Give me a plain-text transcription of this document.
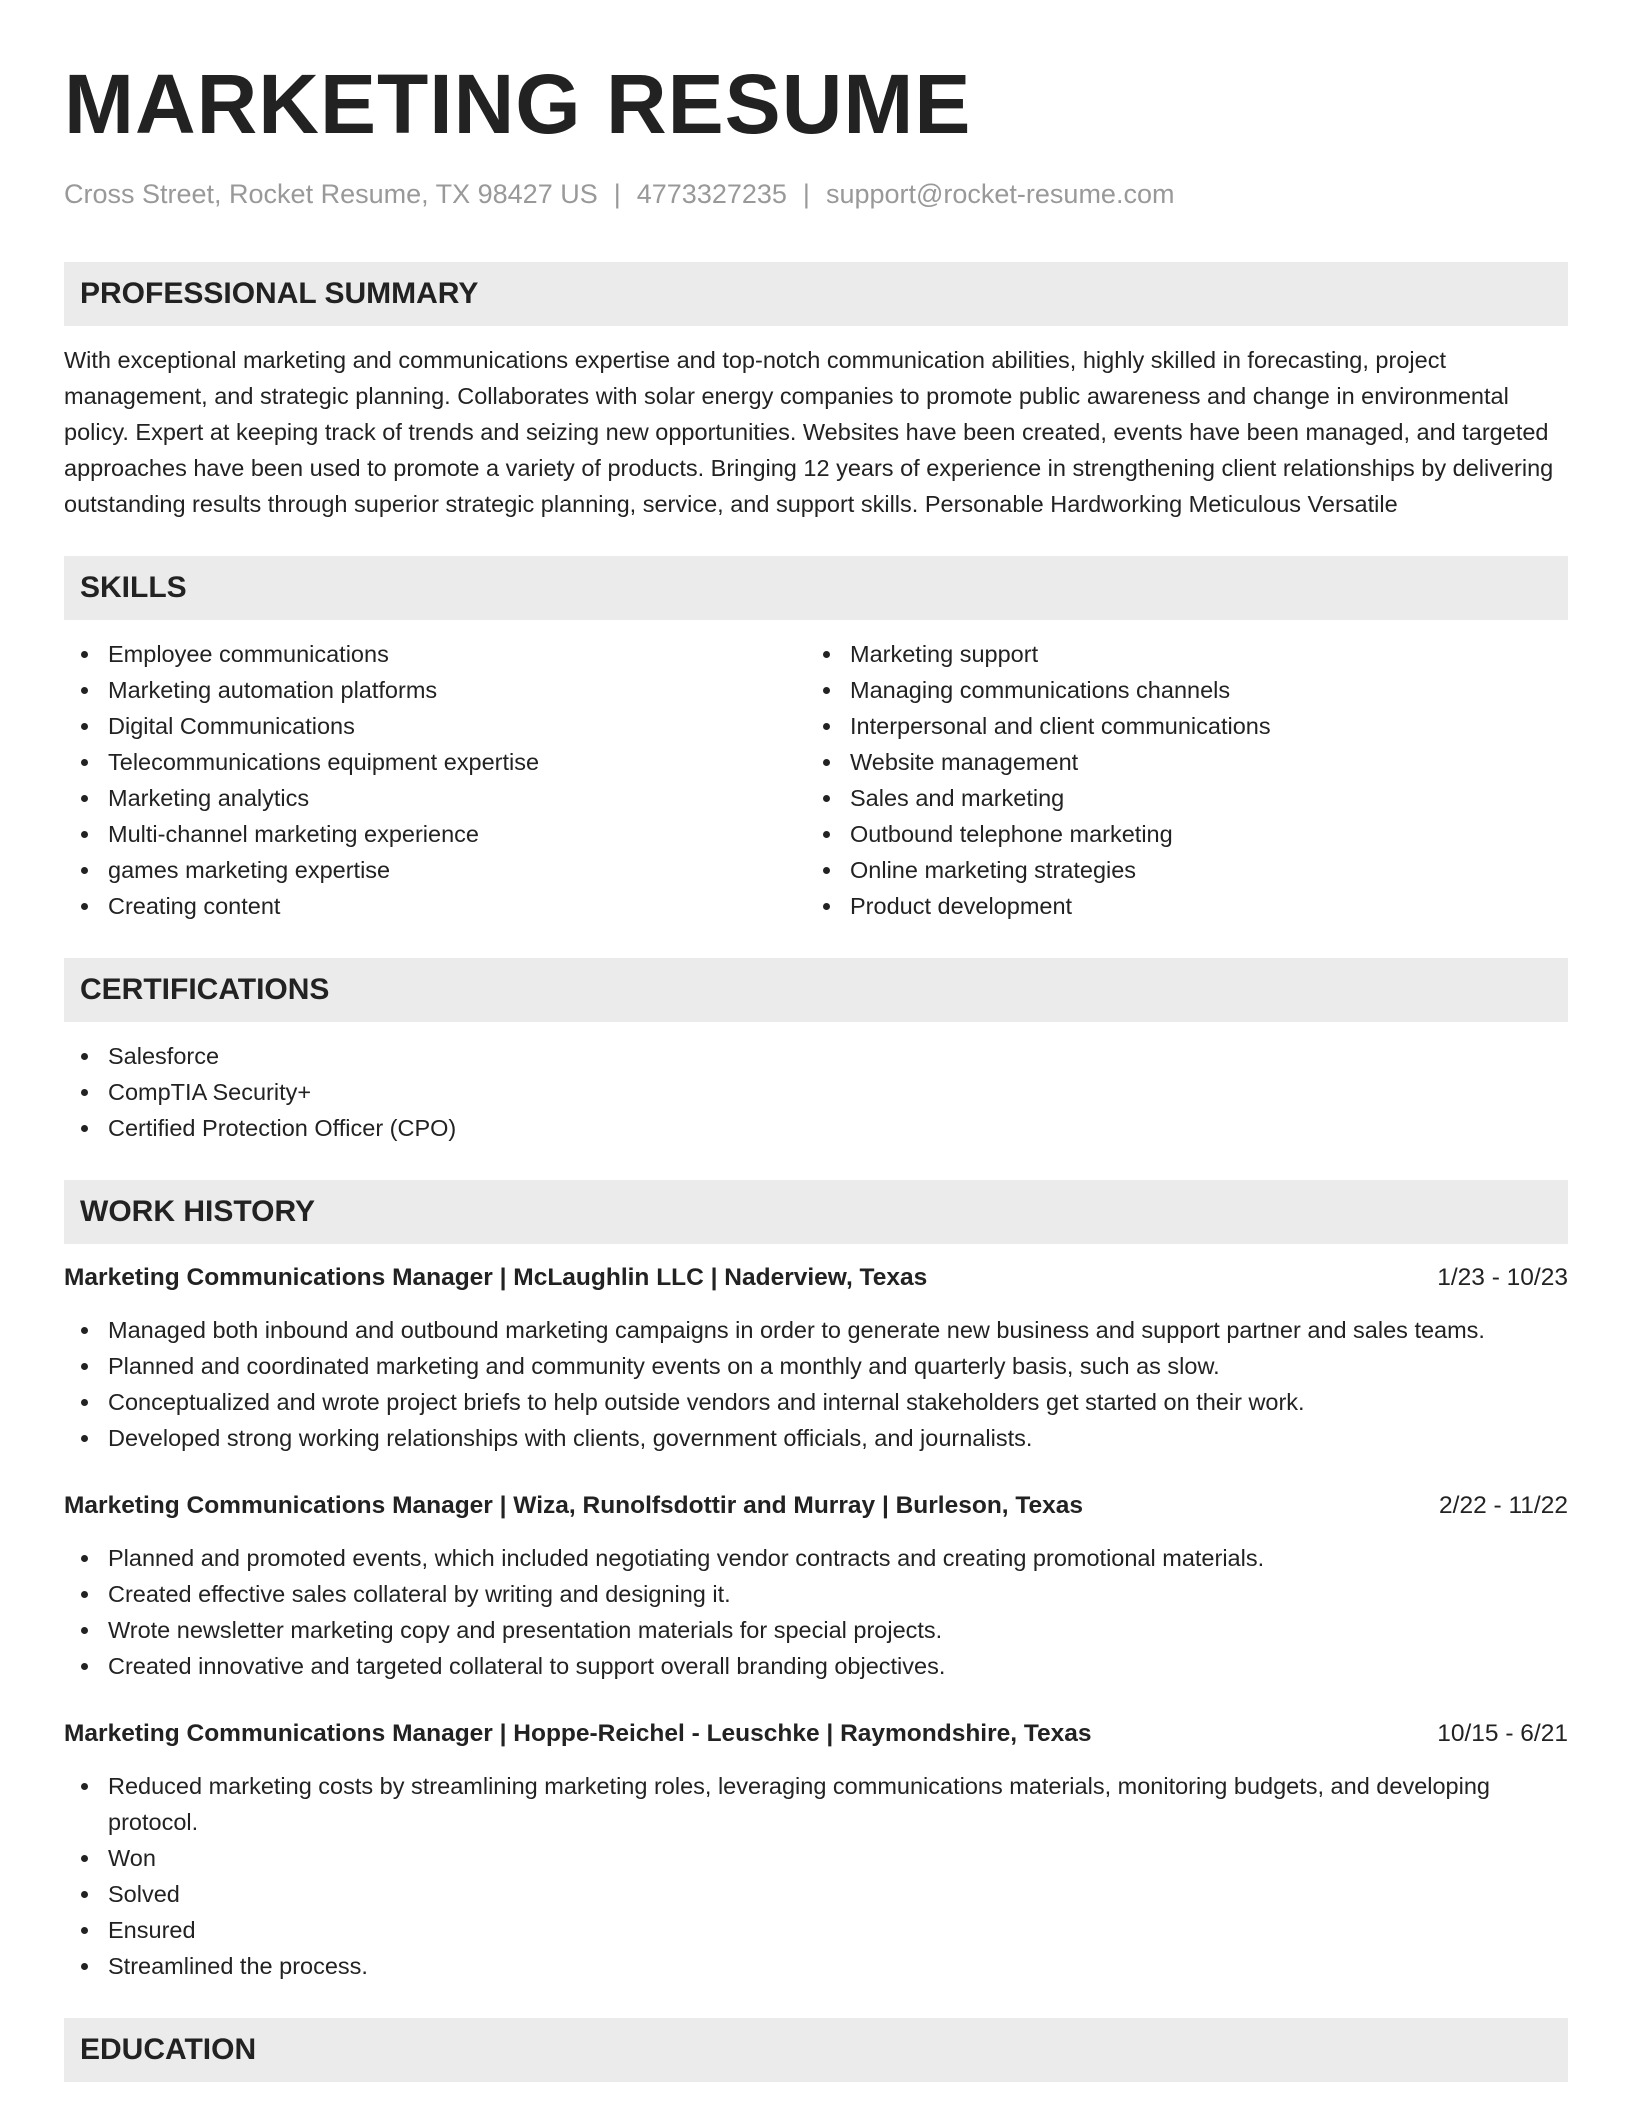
MARKETING RESUME
Cross Street, Rocket Resume, TX 98427 US | 4773327235 | support@rocket-resume.com
PROFESSIONAL SUMMARY
With exceptional marketing and communications expertise and top-notch communication abilities, highly skilled in forecasting, project management, and strategic planning. Collaborates with solar energy companies to promote public awareness and change in environmental policy. Expert at keeping track of trends and seizing new opportunities. Websites have been created, events have been managed, and targeted approaches have been used to promote a variety of products. Bringing 12 years of experience in strengthening client relationships by delivering outstanding results through superior strategic planning, service, and support skills. Personable Hardworking Meticulous Versatile
SKILLS
Employee communications
Marketing automation platforms
Digital Communications
Telecommunications equipment expertise
Marketing analytics
Multi-channel marketing experience
games marketing expertise
Creating content
Marketing support
Managing communications channels
Interpersonal and client communications
Website management
Sales and marketing
Outbound telephone marketing
Online marketing strategies
Product development
CERTIFICATIONS
Salesforce
CompTIA Security+
Certified Protection Officer (CPO)
WORK HISTORY
Marketing Communications Manager | McLaughlin LLC | Naderview, Texas	1/23 - 10/23
Managed both inbound and outbound marketing campaigns in order to generate new business and support partner and sales teams.
Planned and coordinated marketing and community events on a monthly and quarterly basis, such as slow.
Conceptualized and wrote project briefs to help outside vendors and internal stakeholders get started on their work.
Developed strong working relationships with clients, government officials, and journalists.
Marketing Communications Manager | Wiza, Runolfsdottir and Murray | Burleson, Texas	2/22 - 11/22
Planned and promoted events, which included negotiating vendor contracts and creating promotional materials.
Created effective sales collateral by writing and designing it.
Wrote newsletter marketing copy and presentation materials for special projects.
Created innovative and targeted collateral to support overall branding objectives.
Marketing Communications Manager | Hoppe-Reichel - Leuschke | Raymondshire, Texas	10/15 - 6/21
Reduced marketing costs by streamlining marketing roles, leveraging communications materials, monitoring budgets, and developing protocol.
Won
Solved
Ensured
Streamlined the process.
EDUCATION
